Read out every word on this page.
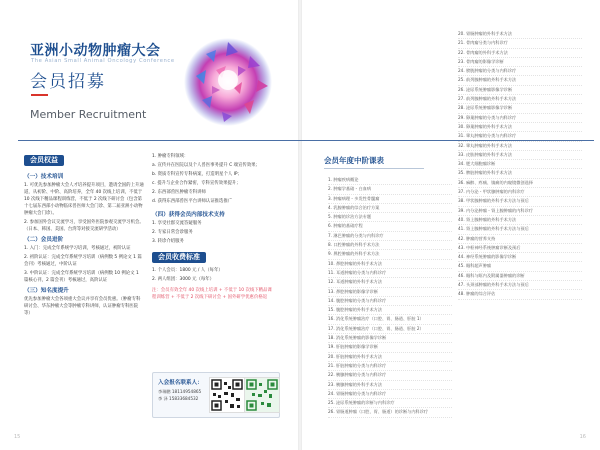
亚洲小动物肿瘤大会
The Asian Small Animal Oncology Conference
会员招募
Member Recruitment
会员权益
（一）技术培训

1. 可优先参加肿瘤大会人才培养提升项目，邀请全国的上升通道，从初阶、中阶、高阶培养，全年 40 次线上培训，不低于 10 次线下精品课程训练营，不低于 2 次线下研讨会（包含第十七届东西部小动物临床兽医师大会门诊、第二届亚洲小动物肿瘤大会门诊）。

2. 参加国外会议交流学习，享受国外医院参观交流学习机会。（日本、韩国、美国、台湾等对接交流研学活动）

（二）会员进阶

1. 入门：完成全年系统学习培训，考核通过，初阶认证

2. 初阶认证：完成全年系统学习培训（病例数 5 例论文 1 篇会刊）考核通过，中阶认证

3. 中阶认证：完成全年系统学习培训（病例数 10 例论文 1 篇核心刊，2 篇会刊）考核通过，高阶认证

（三）知名度提升

优先参加肿瘤大会各项重大会议并享有会员优惠。（肿瘤专科研讨会、华东肿瘤大会等肿瘤专科讲师，认证肿瘤专科医院等）

1. 肿瘤专科领域：

a. 宣传并在医院以及个人兽医事务提升 C 端宣传效果；

b. 资质专科宣传专科病案，打造明星个人 IP；

c. 提升与企业合作紧密，专科宣传效果提升；

2. 东西部兽医肿瘤专科讲师

d. 获得东西部兽医平台讲师认证推选推广

（四）获得会员内部技术支持

1. 享受社群交流答疑服务

2. 专家日常会诊服务

3. 转诊介绍服务

会员收费标准

1. 个人会员：1800 元 / 人（每年）

2. 两人组团：3000 元（每年）

注：会员有效全年 40 次线上培训 + 不低于 10 次线下精品课程训练营 + 不低于 2 次线下研讨会 + 国外研学优惠价格返

入会报名联系人：
李瑞鹏 18114954865
李 泽 15833684532
15
会员年度中阶课表
1. 肿瘤疾病概论
2. 肿瘤学基础 - 白血病
3. 肿瘤病理 - 多发性骨髓瘤
4. 乳腺肿瘤的综合治疗方案
5. 肿瘤的诊治方法专题
6. 肿瘤的基础疗程
7. 淋巴肿瘤的分类与内科诊疗
8. 口腔肿瘤的外科手术方法
9. 鼻腔肿瘤的外科手术方法
10. 鼻腔肿瘤的外科手术方法
11. 耳道肿瘤的分类与内科诊疗
12. 耳道肿瘤的外科手术方法
13. 鼻腔肿瘤的影像学诊断
14. 腹腔肿瘤的分类与内科诊疗
15. 腹腔肿瘤的外科手术方法
16. 消化系统肿瘤治疗（口腔、胃、肠道、肝脏 1）
17. 消化系统肿瘤治疗（口腔、胃、肠道、肝脏 2）
18. 消化系统肿瘤的影像学诊断
19. 肝脏肿瘤的影像学诊断
20. 肝脏肿瘤的外科手术方法
21. 肝脏肿瘤的分类与内科诊疗
22. 胰腺肿瘤的分类与内科诊疗
23. 胰腺肿瘤的外科手术方法
24. 胃肠肿瘤的分类与内科诊疗
25. 泌尿系统肿瘤的诊断与内科诊疗
26. 胃肠道肿瘤（口腔、胃、肠道）的诊断与内科诊疗
20. 胃肠肿瘤的外科手术方法
21. 骨肉瘤分类与内科诊疗
22. 骨肉瘤的外科手术方法
23. 骨肉瘤的影像学诊断
24. 膀胱肿瘤的分类与内科诊疗
25. 前列腺肿瘤的外科手术方法
26. 泌尿系统肿瘤影像学诊断
27. 前列腺肿瘤的外科手术方法
28. 泌尿系统肿瘤影像学诊断
29. 卵巢肿瘤的分类与内科诊疗
30. 卵巢肿瘤的外科手术方法
31. 睾丸肿瘤的分类与内科诊疗
32. 睾丸肿瘤的外科手术方法
33. 皮肤肿瘤的外科手术方法
34. 肥大细胞瘤诊断
35. 脾脏肿瘤的外科手术方法
36. 麻醉、疼痛、镇痛的内窥镜微创选择
37. 内分泌 - 甲状腺肿瘤的内科诊疗
38. 甲状腺肿瘤的外科手术方法与预后
39. 内分泌肿瘤 - 肾上腺肿瘤的内科诊疗
40. 肾上腺肿瘤的外科手术方法
41. 肾上腺肿瘤的外科手术方法与预后
42. 肿瘤的营养支持
43. 中枢神经系统肿瘤诊断及预后
44. 神经系统肿瘤的影像学诊断
45. 眼科超声肿瘤
46. 眼科与眶内及附属器肿瘤的诊断
47. 头颈部肿瘤的外科手术方法与预后
48. 肿瘤的综合评估
16
